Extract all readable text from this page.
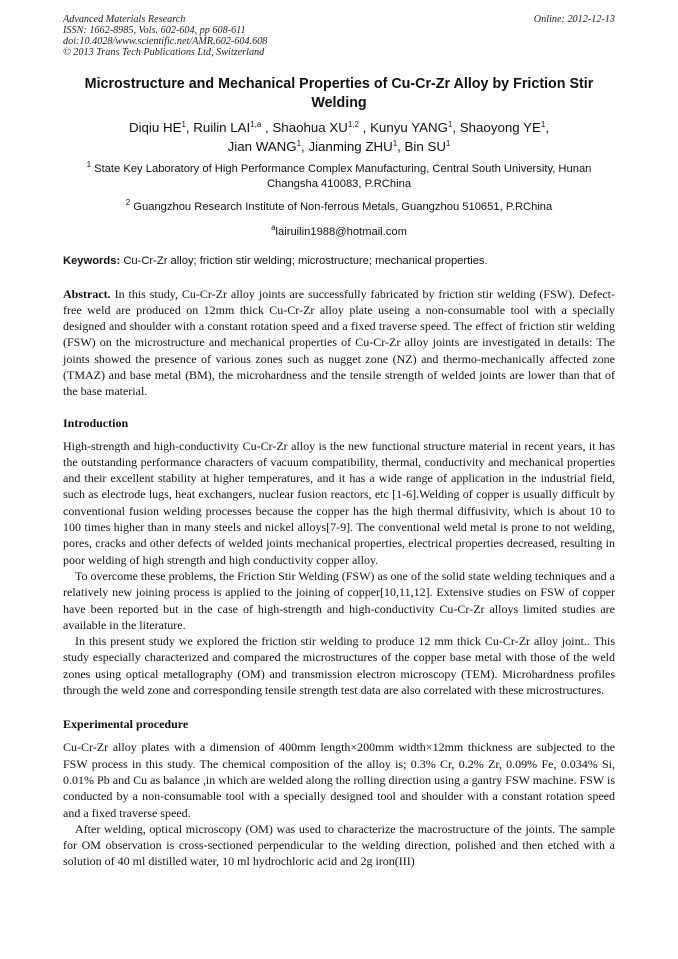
Advanced Materials Research
ISSN: 1662-8985, Vols. 602-604, pp 608-611
doi:10.4028/www.scientific.net/AMR.602-604.608
© 2013 Trans Tech Publications Ltd, Switzerland
Online: 2012-12-13
Microstructure and Mechanical Properties of Cu-Cr-Zr Alloy by Friction Stir Welding
Diqiu $HE^1$, Ruilin LAI$^{1,a}$ , Shaohua XU$^{1,2}$ , Kunyu YANG$^1$, Shaoyong $YE^1$,
Jian WANG$^1$, Jianming ZHU$^1$, Bin $SU^1$
$^1$ State Key Laboratory of High Performance Complex Manufacturing, Central South University, Hunan Changsha 410083, P.RChina
$^2$ Guangzhou Research Institute of Non-ferrous Metals, Guangzhou 510651, P.RChina
$^a$lairuilin1988@hotmail.com
Keywords: Cu-Cr-Zr alloy; friction stir welding; microstructure; mechanical properties.
Abstract. In this study, Cu-Cr-Zr alloy joints are successfully fabricated by friction stir welding (FSW). Defect-free weld are produced on 12mm thick Cu-Cr-Zr alloy plate useing a non-consumable tool with a specially designed and shoulder with a constant rotation speed and a fixed traverse speed. The effect of friction stir welding (FSW) on the microstructure and mechanical properties of Cu-Cr-Zr alloy joints are investigated in details: The joints showed the presence of various zones such as nugget zone (NZ) and thermo-mechanically affected zone (TMAZ) and base metal (BM), the microhardness and the tensile strength of welded joints are lower than that of the base material.
Introduction
High-strength and high-conductivity Cu-Cr-Zr alloy is the new functional structure material in recent years, it has the outstanding performance characters of vacuum compatibility, thermal, conductivity and mechanical properties and their excellent stability at higher temperatures, and it has a wide range of application in the industrial field, such as electrode lugs, heat exchangers, nuclear fusion reactors, etc [1-6].Welding of copper is usually difficult by conventional fusion welding processes because the copper has the high thermal diffusivity, which is about 10 to 100 times higher than in many steels and nickel alloys[7-9]. The conventional weld metal is prone to not welding, pores, cracks and other defects of welded joints mechanical properties, electrical properties decreased, resulting in poor welding of high strength and high conductivity copper alloy.
To overcome these problems, the Friction Stir Welding (FSW) as one of the solid state welding techniques and a relatively new joining process is applied to the joining of copper[10,11,12]. Extensive studies on FSW of copper have been reported but in the case of high-strength and high-conductivity Cu-Cr-Zr alloys limited studies are available in the literature.
In this present study we explored the friction stir welding to produce 12 mm thick Cu-Cr-Zr alloy joint.. This study especially characterized and compared the microstructures of the copper base metal with those of the weld zones using optical metallography (OM) and transmission electron microscopy (TEM). Microhardness profiles through the weld zone and corresponding tensile strength test data are also correlated with these microstructures.
Experimental procedure
Cu-Cr-Zr alloy plates with a dimension of 400mm length×200mm width×12mm thickness are subjected to the FSW process in this study. The chemical composition of the alloy is; 0.3% Cr, 0.2% Zr, 0.09% Fe, 0.034% Si, 0.01% Pb and Cu as balance ,in which are welded along the rolling direction using a gantry FSW machine. FSW is conducted by a non-consumable tool with a specially designed tool and shoulder with a constant rotation speed and a fixed traverse speed.
After welding, optical microscopy (OM) was used to characterize the macrostructure of the joints. The sample for OM observation is cross-sectioned perpendicular to the welding direction, polished and then etched with a solution of 40 ml distilled water, 10 ml hydrochloric acid and 2g iron(III)
